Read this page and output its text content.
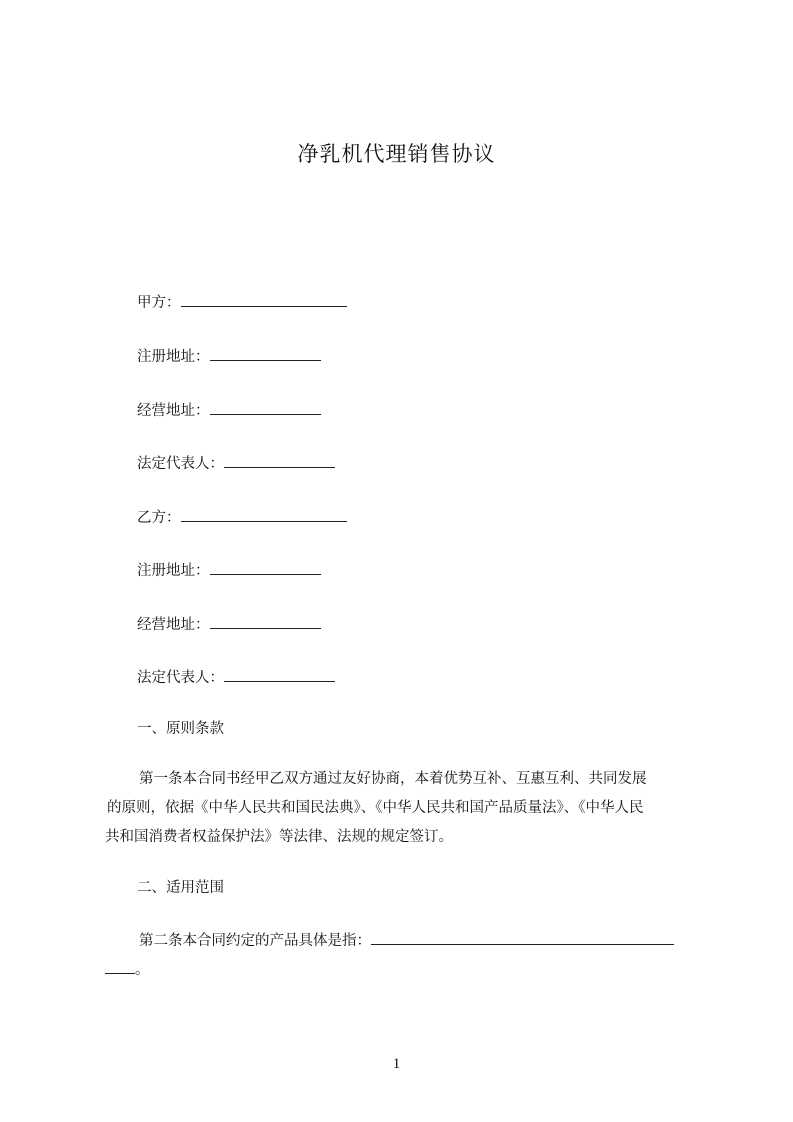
净乳机代理销售协议
甲方：
注册地址：
经营地址：
法定代表人：
乙方：
注册地址：
经营地址：
法定代表人：
一、原则条款
第一条本合同书经甲乙双方通过友好协商，本着优势互补、互惠互利、共同发展
的原则，依据《中华人民共和国民法典》、《中华人民共和国产品质量法》、《中华人民
共和国消费者权益保护法》等法律、法规的规定签订。
二、适用范围
第二条本合同约定的产品具体是指：
。
1
